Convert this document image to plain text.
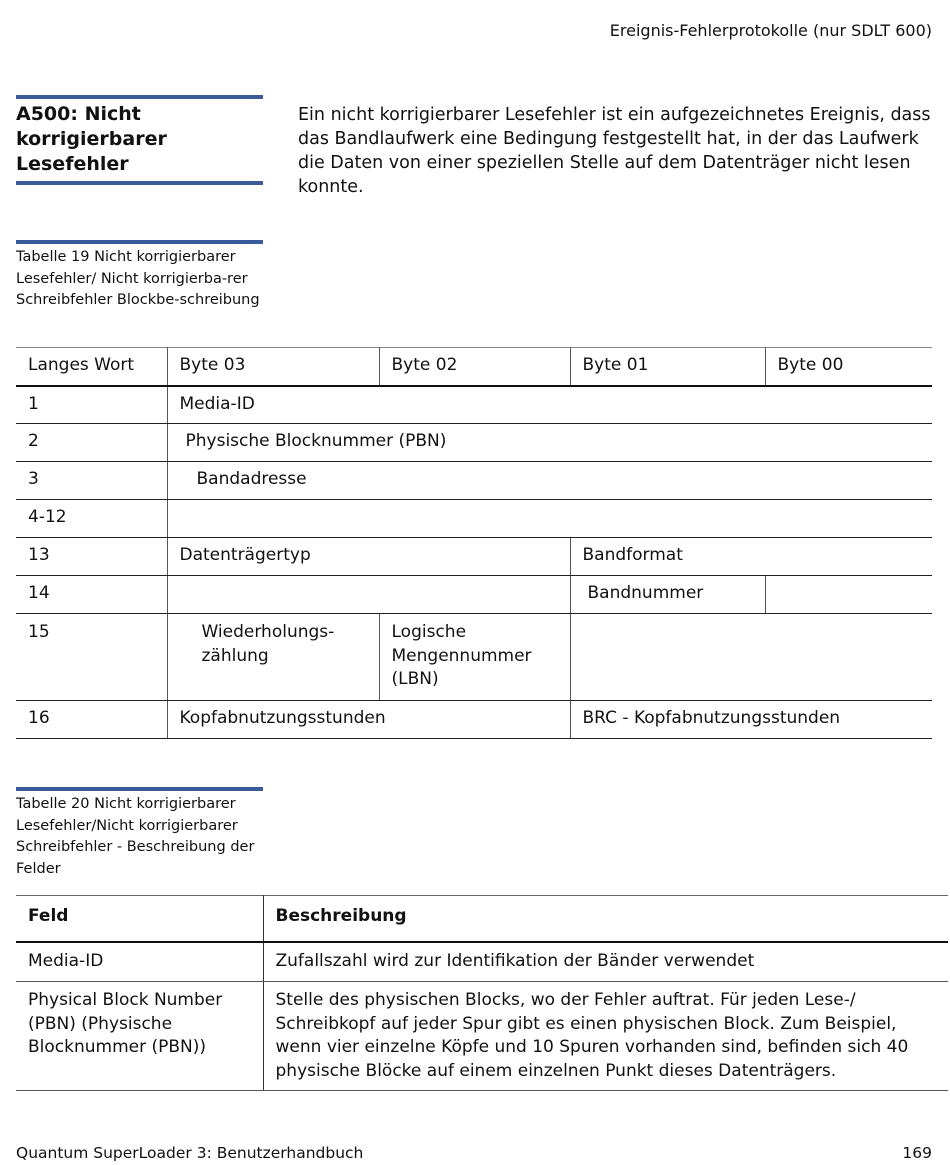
Ereignis-Fehlerprotokolle (nur SDLT 600)
A500: Nicht korrigierbarer Lesefehler
Ein nicht korrigierbarer Lesefehler ist ein aufgezeichnetes Ereignis, dass das Bandlaufwerk eine Bedingung festgestellt hat, in der das Laufwerk die Daten von einer speziellen Stelle auf dem Datenträger nicht lesen konnte.
Tabelle 19 Nicht korrigierbarer Lesefehler/ Nicht korrigierba-rer Schreibfehler Blockbe-schreibung
Langes Wort	Byte 03	Byte 02	Byte 01	Byte 00
1	Media-ID			
2	Physische Blocknummer (PBN)			
3	Bandadresse			
4-12				
13	Datenträgertyp		Bandformat	
14			Bandnummer	
15	Wiederholungs-zählung	Logische Mengennummer (LBN)		
16	Kopfabnutzungsstunden		BRC - Kopfabnutzungsstunden	
Tabelle 20 Nicht korrigierbarer Lesefehler/Nicht korrigierbarer Schreibfehler - Beschreibung der Felder
Feld	Beschreibung
Media-ID	Zufallszahl wird zur Identifikation der Bänder verwendet
Physical Block Number (PBN) (Physische Blocknummer (PBN))	Stelle des physischen Blocks, wo der Fehler auftrat. Für jeden Lese-/ Schreibkopf auf jeder Spur gibt es einen physischen Block. Zum Beispiel, wenn vier einzelne Köpfe und 10 Spuren vorhanden sind, befinden sich 40 physische Blöcke auf einem einzelnen Punkt dieses Datenträgers.
Quantum SuperLoader 3: Benutzerhandbuch	169
